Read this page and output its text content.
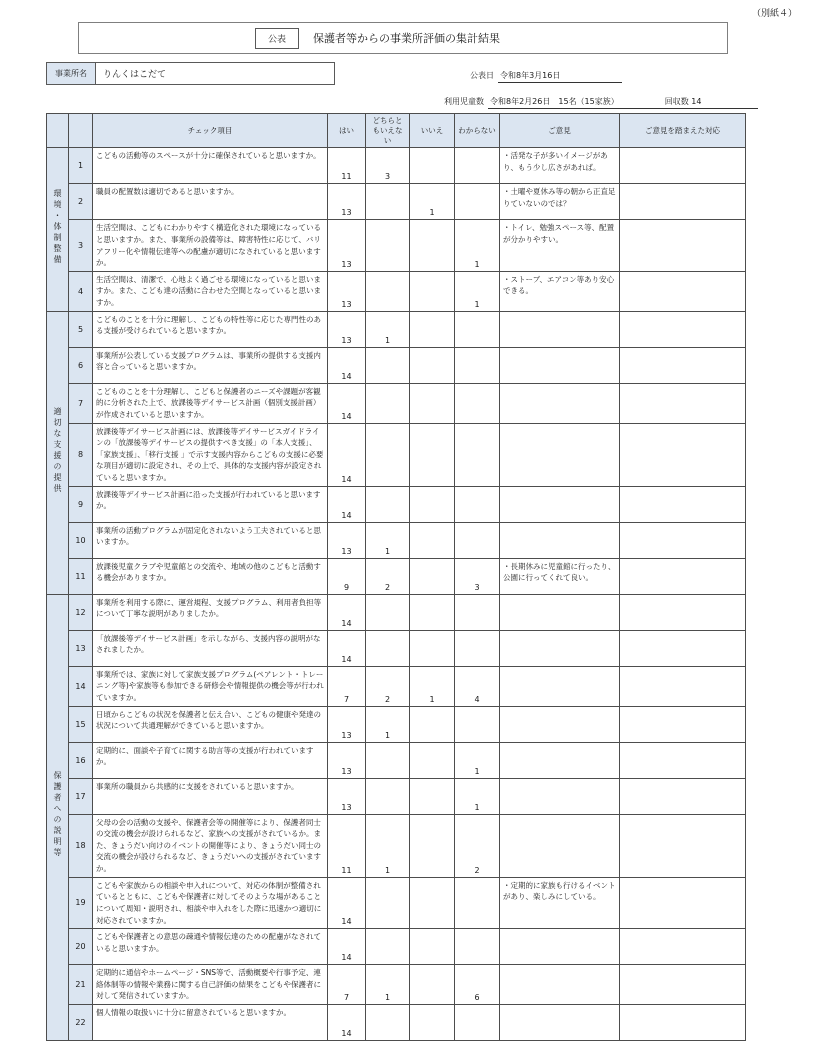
（別紙４）
公表	保護者等からの事業所評価の集計結果
事業所名	りんくはこだて	公表日 令和8年3月16日
利用児童数 令和8年2月26日　15名（15家族）	回収数 14
		チェック項目	はい	どちらともいえない	いいえ	わからない	ご意見	ご意見を踏まえた対応
環境・体制整備	1	こどもの活動等のスペースが十分に確保されていると思いますか。	11	3			・活発な子が多いイメージがあり、もう少し広さがあれば。	
	2	職員の配置数は適切であると思いますか。	13		1		・土曜や夏休み等の朝から正直足りていないのでは？	
	3	生活空間は、こどもにわかりやすく構造化された環境になっていると思いますか。また、事業所の設備等は、障害特性に応じて、バリアフリー化や情報伝達等への配慮が適切になされていると思いますか。	13			1	・トイレ、勉強スペース等、配置が分かりやすい。	
	4	生活空間は、清潔で、心地よく過ごせる環境になっていると思いますか。また、こども達の活動に合わせた空間となっていると思いますか。	13			1	・ストーブ、エアコン等あり安心できる。	
適切な支援の提供	5	こどものことを十分に理解し、こどもの特性等に応じた専門性のある支援が受けられていると思いますか。	13	1				
	6	事業所が公表している支援プログラムは、事業所の提供する支援内容と合っていると思いますか。	14					
	7	こどものことを十分理解し、こどもと保護者のニーズや課題が客観的に分析された上で、放課後等デイサービス計画（個別支援計画）が作成されていると思いますか。	14					
	8	放課後等デイサービス計画には、放課後等デイサービスガイドラインの「放課後等デイサービスの提供すべき支援」の「本人支援」、「家族支援」、「移行支援 」で示す支援内容からこどもの支援に必要な項目が適切に設定され、その上で、具体的な支援内容が設定されていると思いますか。	14					
	9	放課後等デイサービス計画に沿った支援が行われていると思いますか。	14					
	10	事業所の活動プログラムが固定化されないよう工夫されていると思いますか。	13	1				
	11	放課後児童クラブや児童館との交流や、地域の他のこどもと活動する機会がありますか。	9	2		3	・長期休みに児童館に行ったり、公園に行ってくれて良い。	
保護者への説明等	12	事業所を利用する際に、運営規程、支援プログラム、利用者負担等について丁寧な説明がありましたか。	14					
	13	「放課後等デイサービス計画」を示しながら、支援内容の説明がなされましたか。	14					
	14	事業所では、家族に対して家族支援プログラム(ペアレント・トレーニング等)や家族等も参加できる研修会や情報提供の機会等が行われていますか。	7	2	1	4		
	15	日頃からこどもの状況を保護者と伝え合い、こどもの健康や発達の状況について共通理解ができていると思いますか。	13	1				
	16	定期的に、面談や子育てに関する助言等の支援が行われていますか。	13			1		
	17	事業所の職員から共感的に支援をされていると思いますか。	13			1		
	18	父母の会の活動の支援や、保護者会等の開催等により、保護者同士の交流の機会が設けられるなど、家族への支援がされているか。また、きょうだい向けのイベントの開催等により、きょうだい同士の交流の機会が設けられるなど、きょうだいへの支援がされていますか。	11	1		2		
	19	こどもや家族からの相談や申入れについて、対応の体制が整備されているとともに、こどもや保護者に対してそのような場があることについて周知・説明され、相談や申入れをした際に迅速かつ適切に対応されていますか。	14				・定期的に家族も行けるイベントがあり、楽しみにしている。	
	20	こどもや保護者との意思の疎通や情報伝達のための配慮がなされていると思いますか。	14					
	21	定期的に通信やホームページ・SNS等で、活動概要や行事予定、連絡体制等の情報や業務に関する自己評価の結果をこどもや保護者に対して発信されていますか。	7	1		6		
	22	個人情報の取扱いに十分に留意されていると思いますか。	14					
